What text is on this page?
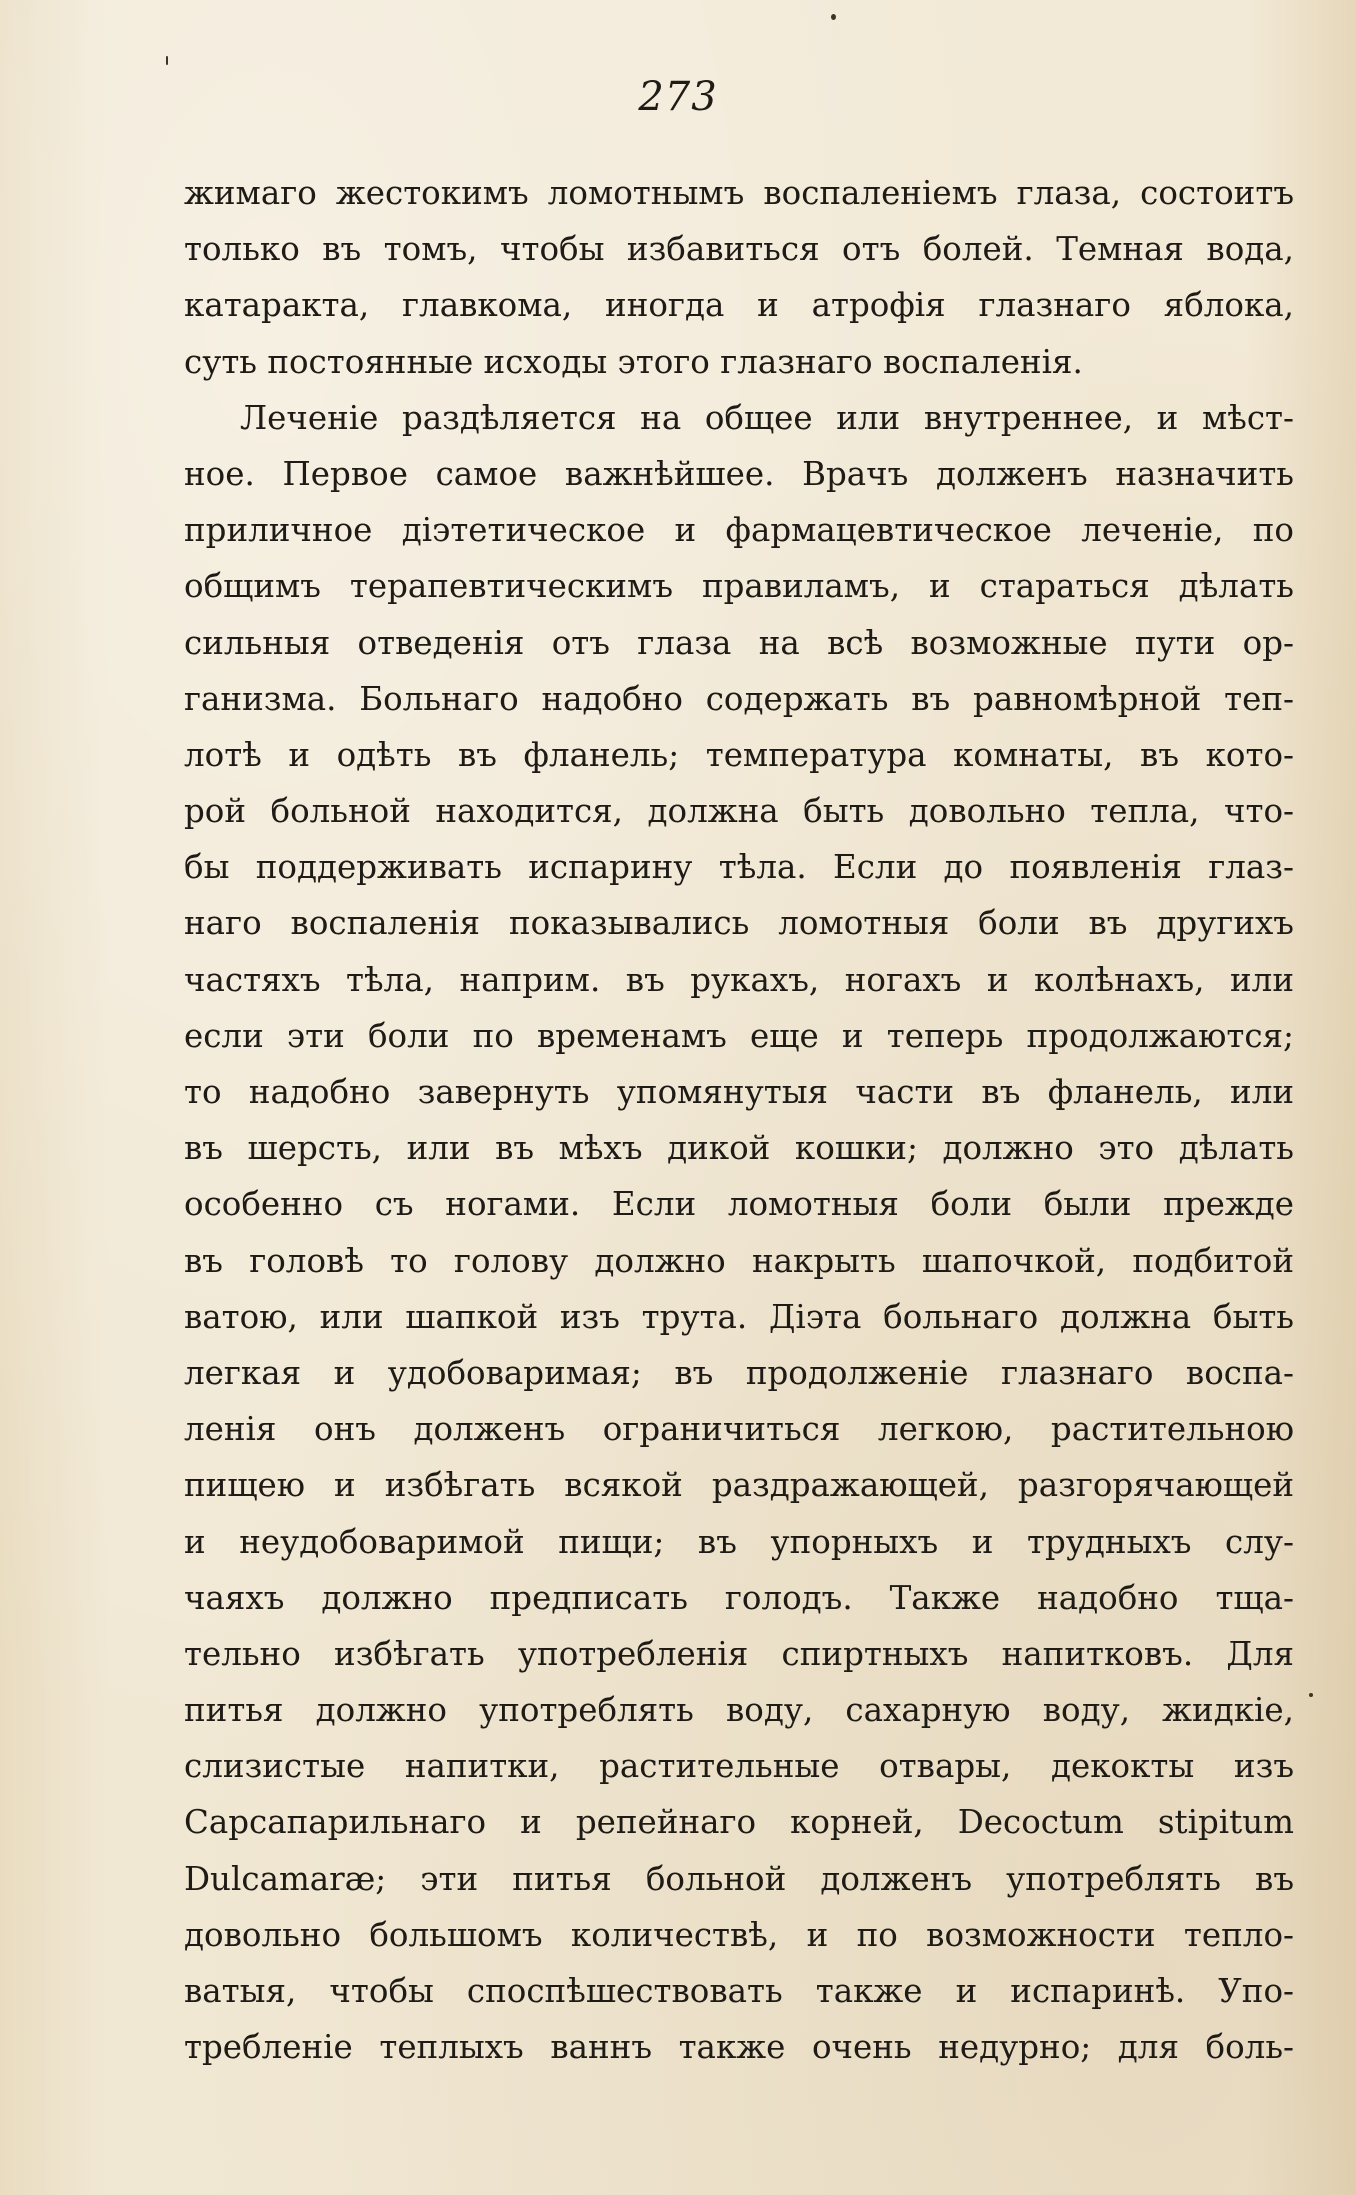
273
жимаго жестокимъ ломотнымъ воспаленіемъ глаза, состоитъ
только въ томъ, чтобы избавиться отъ болей. Темная вода,
катаракта, главкома, иногда и атрофія глазнаго яблока,
суть постоянные исходы этого глазнаго воспаленія.
Леченіе раздѣляется на общее или внутреннее, и мѣст-
ное. Первое самое важнѣйшее. Врачъ долженъ назначить
приличное діэтетическое и фармацевтическое леченіе, по
общимъ терапевтическимъ правиламъ, и стараться дѣлать
сильныя отведенія отъ глаза на всѣ возможные пути ор-
ганизма. Больнаго надобно содержать въ равномѣрной теп-
лотѣ и одѣть въ фланель; температура комнаты, въ кото-
рой больной находится, должна быть довольно тепла, что-
бы поддерживать испарину тѣла. Если до появленія глаз-
наго воспаленія показывались ломотныя боли въ другихъ
частяхъ тѣла, наприм. въ рукахъ, ногахъ и колѣнахъ, или
если эти боли по временамъ еще и теперь продолжаются;
то надобно завернуть упомянутыя части въ фланель, или
въ шерсть, или въ мѣхъ дикой кошки; должно это дѣлать
особенно съ ногами. Если ломотныя боли были прежде
въ головѣ то голову должно накрыть шапочкой, подбитой
ватою, или шапкой изъ трута. Діэта больнаго должна быть
легкая и удобоваримая; въ продолженіе глазнаго воспа-
ленія онъ долженъ ограничиться легкою, растительною
пищею и избѣгать всякой раздражающей, разгорячающей
и неудобоваримой пищи; въ упорныхъ и трудныхъ слу-
чаяхъ должно предписать голодъ. Также надобно тща-
тельно избѣгать употребленія спиртныхъ напитковъ. Для
питья должно употреблять воду, сахарную воду, жидкіе,
слизистые напитки, растительные отвары, декокты изъ
Сарсапарильнаго и репейнаго корней, Decoctum stipitum
Dulcamaræ; эти питья больной долженъ употреблять въ
довольно большомъ количествѣ, и по возможности тепло-
ватыя, чтобы споспѣшествовать также и испаринѣ. Упо-
требленіе теплыхъ ваннъ также очень недурно; для боль-
